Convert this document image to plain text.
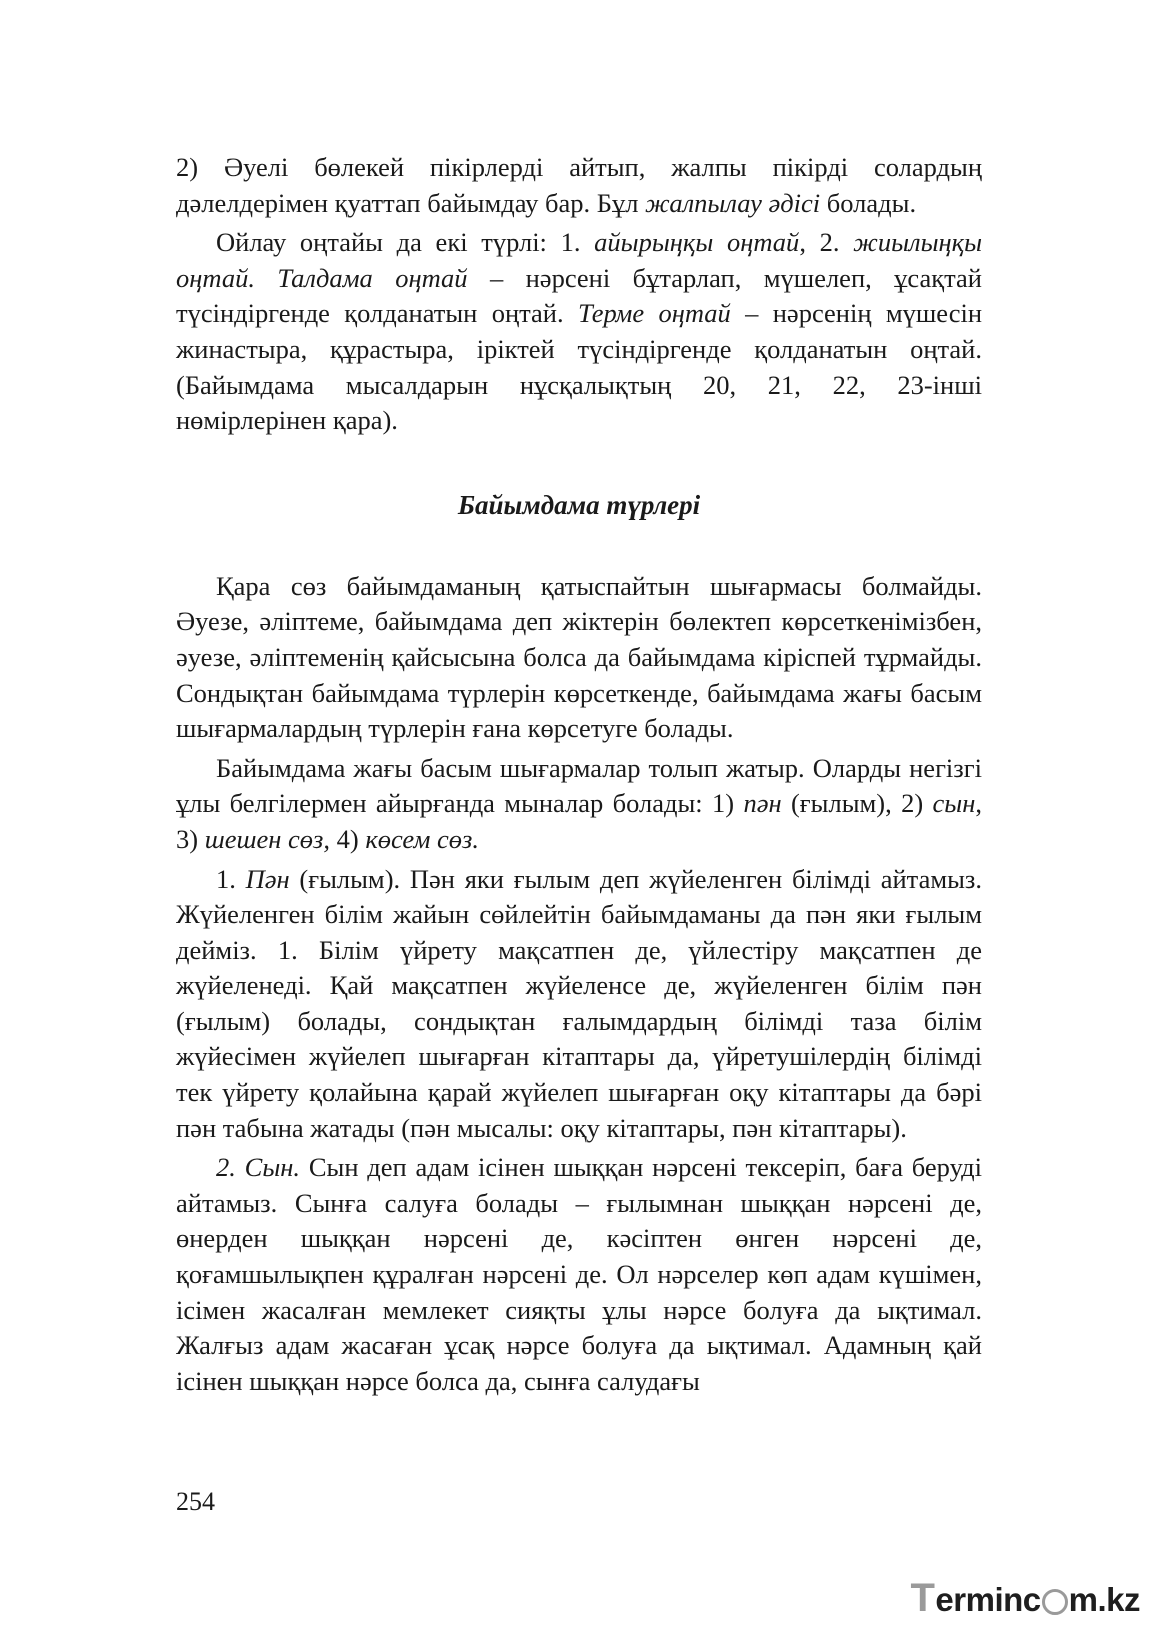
2) Әуелі бөлекей пікірлерді айтып, жалпы пікірді солардың дәлелдерімен қуаттап байымдау бар. Бұл жалпылау әдісі болады.

Ойлау оңтайы да екі түрлі: 1. айырыңқы оңтай, 2. жиылыңқы оңтай. Талдама оңтай – нәрсені бұтарлап, мүшелеп, ұсақтай түсіндіргенде қолданатын оңтай. Терме оңтай – нәрсенің мүшесін жинастыра, құрастыра, іріктей түсіндіргенде қолданатын оңтай. (Байымдама мысалдарын нұсқалықтың 20, 21, 22, 23-інші нөмірлерінен қара).

Байымдама түрлері

Қара сөз байымдаманың қатыспайтын шығармасы болмайды. Әуезе, әліптеме, байымдама деп жіктерін бөлектеп көрсеткенімізбен, әуезе, әліптеменің қайсысына болса да байымдама кіріспей тұрмайды. Сондықтан байымдама түрлерін көрсеткенде, байымдама жағы басым шығармалардың түрлерін ғана көрсетуге болады.

Байымдама жағы басым шығармалар толып жатыр. Оларды негізгі ұлы белгілермен айырғанда мыналар болады: 1) пән (ғылым), 2) сын, 3) шешен сөз, 4) көсем сөз.

1. Пән (ғылым). Пән яки ғылым деп жүйеленген білімді айтамыз. Жүйеленген білім жайын сөйлейтін байымдаманы да пән яки ғылым дейміз. 1. Білім үйрету мақсатпен де, үйлестіру мақсатпен де жүйеленеді. Қай мақсатпен жүйеленсе де, жүйеленген білім пән (ғылым) болады, сондықтан ғалымдардың білімді таза білім жүйесімен жүйелеп шығарған кітаптары да, үйретушілердің білімді тек үйрету қолайына қарай жүйелеп шығарған оқу кітаптары да бәрі пән табына жатады (пән мысалы: оқу кітаптары, пән кітаптары).

2. Сын. Сын деп адам ісінен шыққан нәрсені тексеріп, баға беруді айтамыз. Сынға салуға болады – ғылымнан шыққан нәрсені де, өнерден шыққан нәрсені де, кәсіптен өнген нәрсені де, қоғамшылықпен құралған нәрсені де. Ол нәрселер көп адам күшімен, ісімен жасалған мемлекет сияқты ұлы нәрсе болуға да ықтимал. Жалғыз адам жасаған ұсақ нәрсе болуға да ықтимал. Адамның қай ісінен шыққан нәрсе болса да, сынға салудағы

254
T erminc m.kz
